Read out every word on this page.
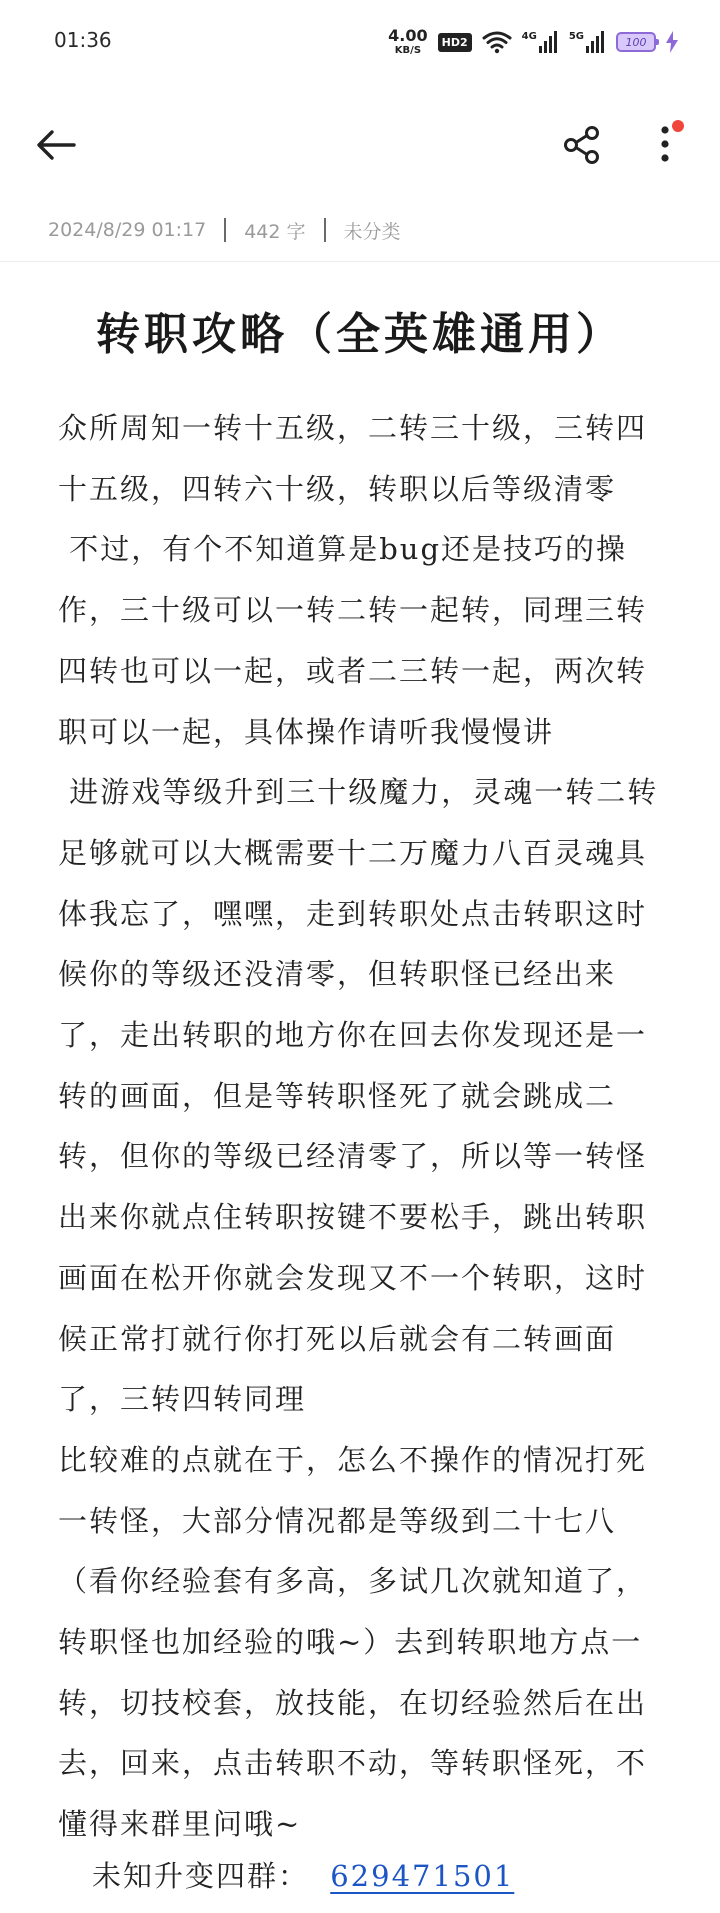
01:36	4.00
KB/S
HD2	4G	5G	100
2024/8/29 01:17 442 字 未分类
转职攻略（全英雄通用）

众所周知一转十五级，二转三十级，三转四十五级，四转六十级，转职以后等级清零

不过，有个不知道算是bug还是技巧的操作，三十级可以一转二转一起转，同理三转四转也可以一起，或者二三转一起，两次转职可以一起，具体操作请听我慢慢讲

进游戏等级升到三十级魔力，灵魂一转二转足够就可以大概需要十二万魔力八百灵魂具体我忘了，嘿嘿，走到转职处点击转职这时候你的等级还没清零，但转职怪已经出来了，走出转职的地方你在回去你发现还是一转的画面，但是等转职怪死了就会跳成二转，但你的等级已经清零了，所以等一转怪出来你就点住转职按键不要松手，跳出转职画面在松开你就会发现又不一个转职，这时候正常打就行你打死以后就会有二转画面了，三转四转同理

比较难的点就在于，怎么不操作的情况打死一转怪，大部分情况都是等级到二十七八（看你经验套有多高，多试几次就知道了，转职怪也加经验的哦~）去到转职地方点一转，切技校套，放技能，在切经验然后在出去，回来，点击转职不动，等转职怪死，不懂得来群里问哦~

未知升变四群： 629471501
